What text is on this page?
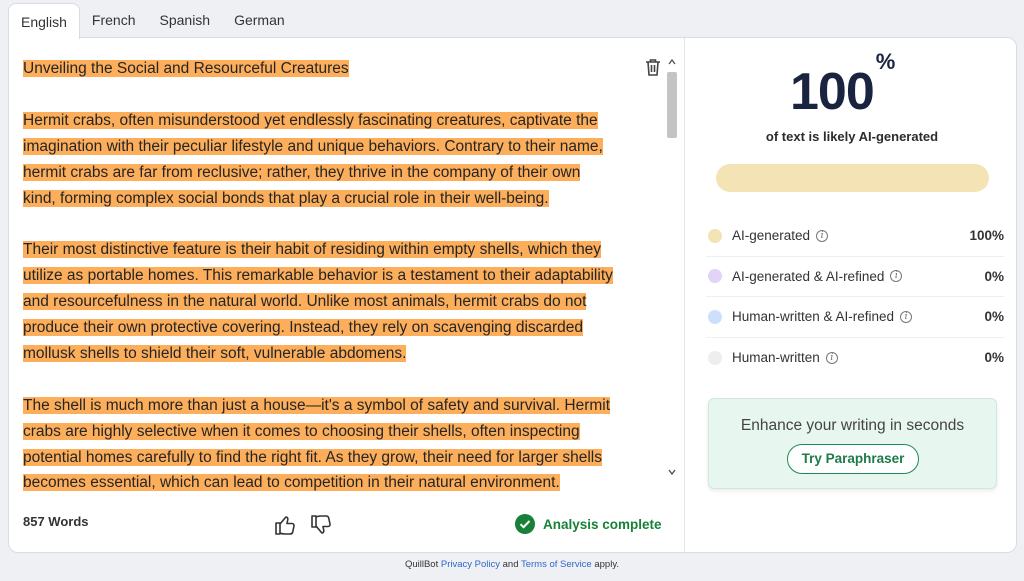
English	French	Spanish	German
Unveiling the Social and Resourceful Creatures
Hermit crabs, often misunderstood yet endlessly fascinating creatures, captivate the
imagination with their peculiar lifestyle and unique behaviors. Contrary to their name,
hermit crabs are far from reclusive; rather, they thrive in the company of their own
kind, forming complex social bonds that play a crucial role in their well-being.
Their most distinctive feature is their habit of residing within empty shells, which they
utilize as portable homes. This remarkable behavior is a testament to their adaptability
and resourcefulness in the natural world. Unlike most animals, hermit crabs do not
produce their own protective covering. Instead, they rely on scavenging discarded
mollusk shells to shield their soft, vulnerable abdomens.
The shell is much more than just a house—it's a symbol of safety and survival. Hermit
crabs are highly selective when it comes to choosing their shells, often inspecting
potential homes carefully to find the right fit. As they grow, their need for larger shells
becomes essential, which can lead to competition in their natural environment.
857 Words	Analysis complete
100%
of text is likely AI-generated
AI-generated	i	100%
AI-generated & AI-refined	i	0%
Human-written & AI-refined	i	0%
Human-written	i	0%
Enhance your writing in seconds
Try Paraphraser
QuillBot Privacy Policy and Terms of Service apply.
